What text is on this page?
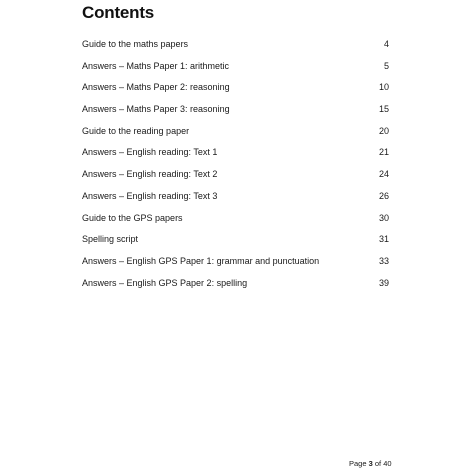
Contents
Guide to the maths papers	4
Answers – Maths Paper 1: arithmetic	5
Answers – Maths Paper 2: reasoning	10
Answers – Maths Paper 3: reasoning	15
Guide to the reading paper	20
Answers – English reading: Text 1	21
Answers – English reading: Text 2	24
Answers – English reading: Text 3	26
Guide to the GPS papers	30
Spelling script	31
Answers – English GPS Paper 1: grammar and punctuation	33
Answers – English GPS Paper 2: spelling	39
Page 3 of 40
